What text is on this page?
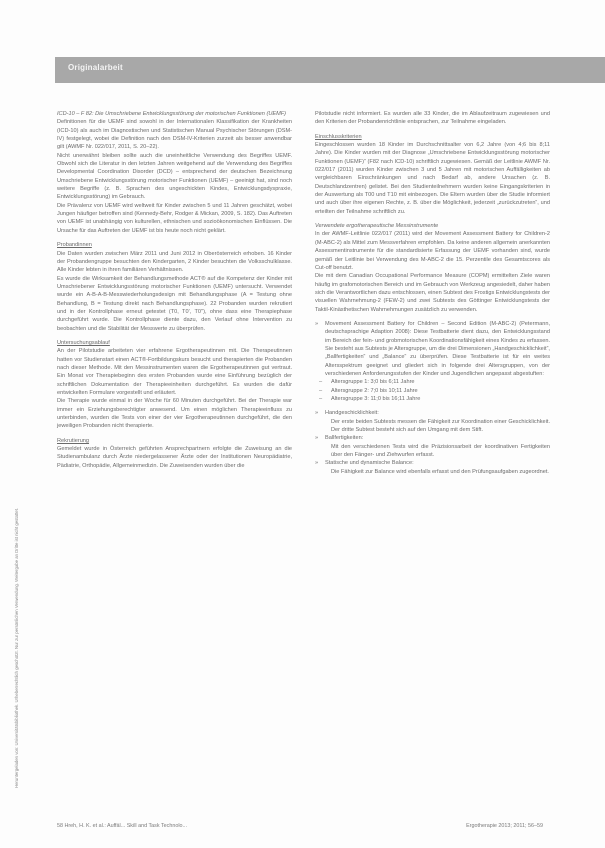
Originalarbeit
Heruntergeladen von: Universitätsbibliothek. Urheberrechtlich geschützt. Nur zur persönlichen Verwendung. Weitergabe an Dritte ist nicht gestattet.

ICD-10 – F 82: Die Umschriebene Entwicklungsstörung der motorischen Funktionen (UEMF)

Definitionen für die UEMF sind sowohl in der Internationalen Klassifikation der Krankheiten (ICD-10) als auch im Diagnostischen und Statistischen Manual Psychischer Störungen (DSM-IV) festgelegt, wobei die Definition nach den DSM-IV-Kriterien zurzeit als besser anwendbar gilt (AWMF Nr. 022/017, 2011, S. 20–22).

Nicht unerwähnt bleiben sollte auch die uneinheitliche Verwendung des Begriffes UEMF. Obwohl sich die Literatur in den letzten Jahren weitgehend auf die Verwendung des Begriffes Developmental Coordination Disorder (DCD) – entsprechend der deutschen Bezeichnung Umschriebene Entwicklungsstörung motorischer Funktionen (UEMF) – geeinigt hat, sind noch weitere Begriffe (z. B. Sprachen des ungeschickten Kindes, Entwicklungsdyspraxie, Entwicklungsstörung) im Gebrauch.

Die Prävalenz von UEMF wird weltweit für Kinder zwischen 5 und 11 Jahren geschätzt, wobei Jungen häufiger betroffen sind (Kennedy-Behr, Rodger & Mickan, 2009, S. 182). Das Auftreten von UEMF ist unabhängig von kulturellen, ethnischen und sozioökonomischen Einflüssen. Die Ursache für das Auftreten der UEMF ist bis heute noch nicht geklärt.

Probandinnen

Die Daten wurden zwischen März 2011 und Juni 2012 in Oberösterreich erhoben. 16 Kinder der Probandengruppe besuchten den Kindergarten, 2 Kinder besuchten die Volksschulklasse. Alle Kinder lebten in ihren familiären Verhältnissen.

Es wurde die Wirksamkeit der Behandlungsmethode ACT® auf die Kompetenz der Kinder mit Umschriebener Entwicklungsstörung motorischer Funktionen (UEMF) untersucht. Verwendet wurde ein A-B-A-B-Messwiederholungsdesign mit Behandlungsphase (A = Testung ohne Behandlung, B = Testung direkt nach Behandlungsphase). 22 Probanden wurden rekrutiert und in der Kontrollphase erneut getestet (T0, T0', T0''), ohne dass eine Therapiephase durchgeführt wurde. Die Kontrollphase diente dazu, den Verlauf ohne Intervention zu beobachten und die Stabilität der Messwerte zu überprüfen.

Untersuchungsablauf

An der Pilotstudie arbeiteten vier erfahrene Ergotherapeutinnen mit. Die Therapeutinnen hatten vor Studienstart einen ACT®-Fortbildungskurs besucht und therapierten die Probanden nach dieser Methode. Mit den Messinstrumenten waren die Ergotherapeutinnen gut vertraut. Ein Monat vor Therapiebeginn des ersten Probanden wurde eine Einführung bezüglich der schriftlichen Dokumentation der Therapieeinheiten durchgeführt. Es wurden die dafür entwickelten Formulare vorgestellt und erläutert.

Die Therapie wurde einmal in der Woche für 60 Minuten durchgeführt. Bei der Therapie war immer ein Erziehungsberechtigter anwesend. Um einen möglichen Therapieeinfluss zu unterbinden, wurden die Tests von einer der vier Ergotherapeutinnen durchgeführt, die den jeweiligen Probanden nicht therapierte.

Rekrutierung

Gemeldet wurde in Österreich geführten Ansprechpartnern erfolgte die Zuweisung an die Studienambulanz durch Ärzte niedergelassener Ärzte oder der Institutionen Neuropädiatrie, Pädiatrie, Orthopädie, Allgemeinmedizin. Die Zuweisenden wurden über die

Pilotstudie nicht informiert. Es wurden alle 33 Kinder, die im Ablaufzeitraum zugewiesen und den Kriterien der Probandenrichtlinie entsprachen, zur Teilnahme eingeladen.

Einschlusskriterien

Eingeschlossen wurden 18 Kinder im Durchschnittsalter von 6,2 Jahre (von 4;6 bis 8;11 Jahre). Die Kinder wurden mit der Diagnose „Umschriebene Entwicklungsstörung motorischer Funktionen (UEMF)“ (F82 nach ICD-10) schriftlich zugewiesen. Gemäß der Leitlinie AWMF Nr. 022/017 (2011) wurden Kinder zwischen 3 und 5 Jahren mit motorischen Auffälligkeiten ab vergleichbaren Einschränkungen und nach Bedarf ab, andere Ursachen (z. B. Deutschlandzentren) gelistet. Bei den Studienteilnehmern wurden keine Eingangskriterien in der Auswertung als T00 und T10 mit einbezogen. Die Eltern wurden über die Studie informiert und auch über ihre eigenen Rechte, z. B. über die Möglichkeit, jederzeit „zurückzutreten“, und erteilten der Teilnahme schriftlich zu.

Verwendete ergotherapeutische Messinstrumente

In der AWMF-Leitlinie 022/017 (2011) wird der Movement Assessment Battery for Children-2 (M-ABC-2) als Mittel zum Messverfahren empfohlen. Da keine anderen allgemein anerkannten Assessmentinstrumente für die standardisierte Erfassung der UEMF vorhanden sind, wurde gemäß der Leitlinie bei Verwendung des M-ABC-2 die 15. Perzentile des Gesamtscores als Cut-off benutzt.

Die mit dem Canadian Occupational Performance Measure (COPM) ermittelten Ziele waren häufig im grafomotorischen Bereich und im Gebrauch von Werkzeug angesiedelt, daher haben sich die Verantwortlichen dazu entschlossen, einen Subtest des Frostigs Entwicklungstests der visuellen Wahrnehmung-2 (FEW-2) und zwei Subtests des Göttinger Entwicklungstests der Taktil-Kinästhetischen Wahrnehmungen zusätzlich zu verwenden.

» Movement Assessment Battery for Children – Second Edition (M-ABC-2) (Petermann, deutschsprachige Adaption 2008): Diese Testbatterie dient dazu, den Entwicklungsstand im Bereich der fein- und grobmotorischen Koordinationsfähigkeit eines Kindes zu erfassen. Sie besteht aus Subtests je Altersgruppe, um die drei Dimensionen „Handgeschicklichkeit“, „Ballfertigkeiten“ und „Balance“ zu überprüfen. Diese Testbatterie ist für ein weites Altersspektrum geeignet und gliedert sich in folgende drei Altersgruppen, von der verschiedenen Anforderungsstufen der Kinder und Jugendlichen angepasst abgestuften:
– Altersgruppe 1: 3;0 bis 6;11 Jahre
– Altersgruppe 2: 7;0 bis 10;11 Jahre
– Altersgruppe 3: 11;0 bis 16;11 Jahre
» Handgeschicklichkeit:

Der erste beiden Subtests messen die Fähigkeit zur Koordination einer Geschicklichkeit. Der dritte Subtest besteht sich auf den Umgang mit dem Stift.

» Ballfertigkeiten:

Mit den verschiedenen Tests wird die Präzisionsarbeit der koordinativen Fertigkeiten über den Fänger- und Ziehwurfen erfasst.

» Statische und dynamische Balance:

Die Fähigkeit zur Balance wird ebenfalls erfasst und den Prüfungsaufgaben zugeordnet.

58 Hreh, H. K. et al.: Auffäl... Skill and Task Technolo...	Ergotherapie 2013; 2011; 56–59
